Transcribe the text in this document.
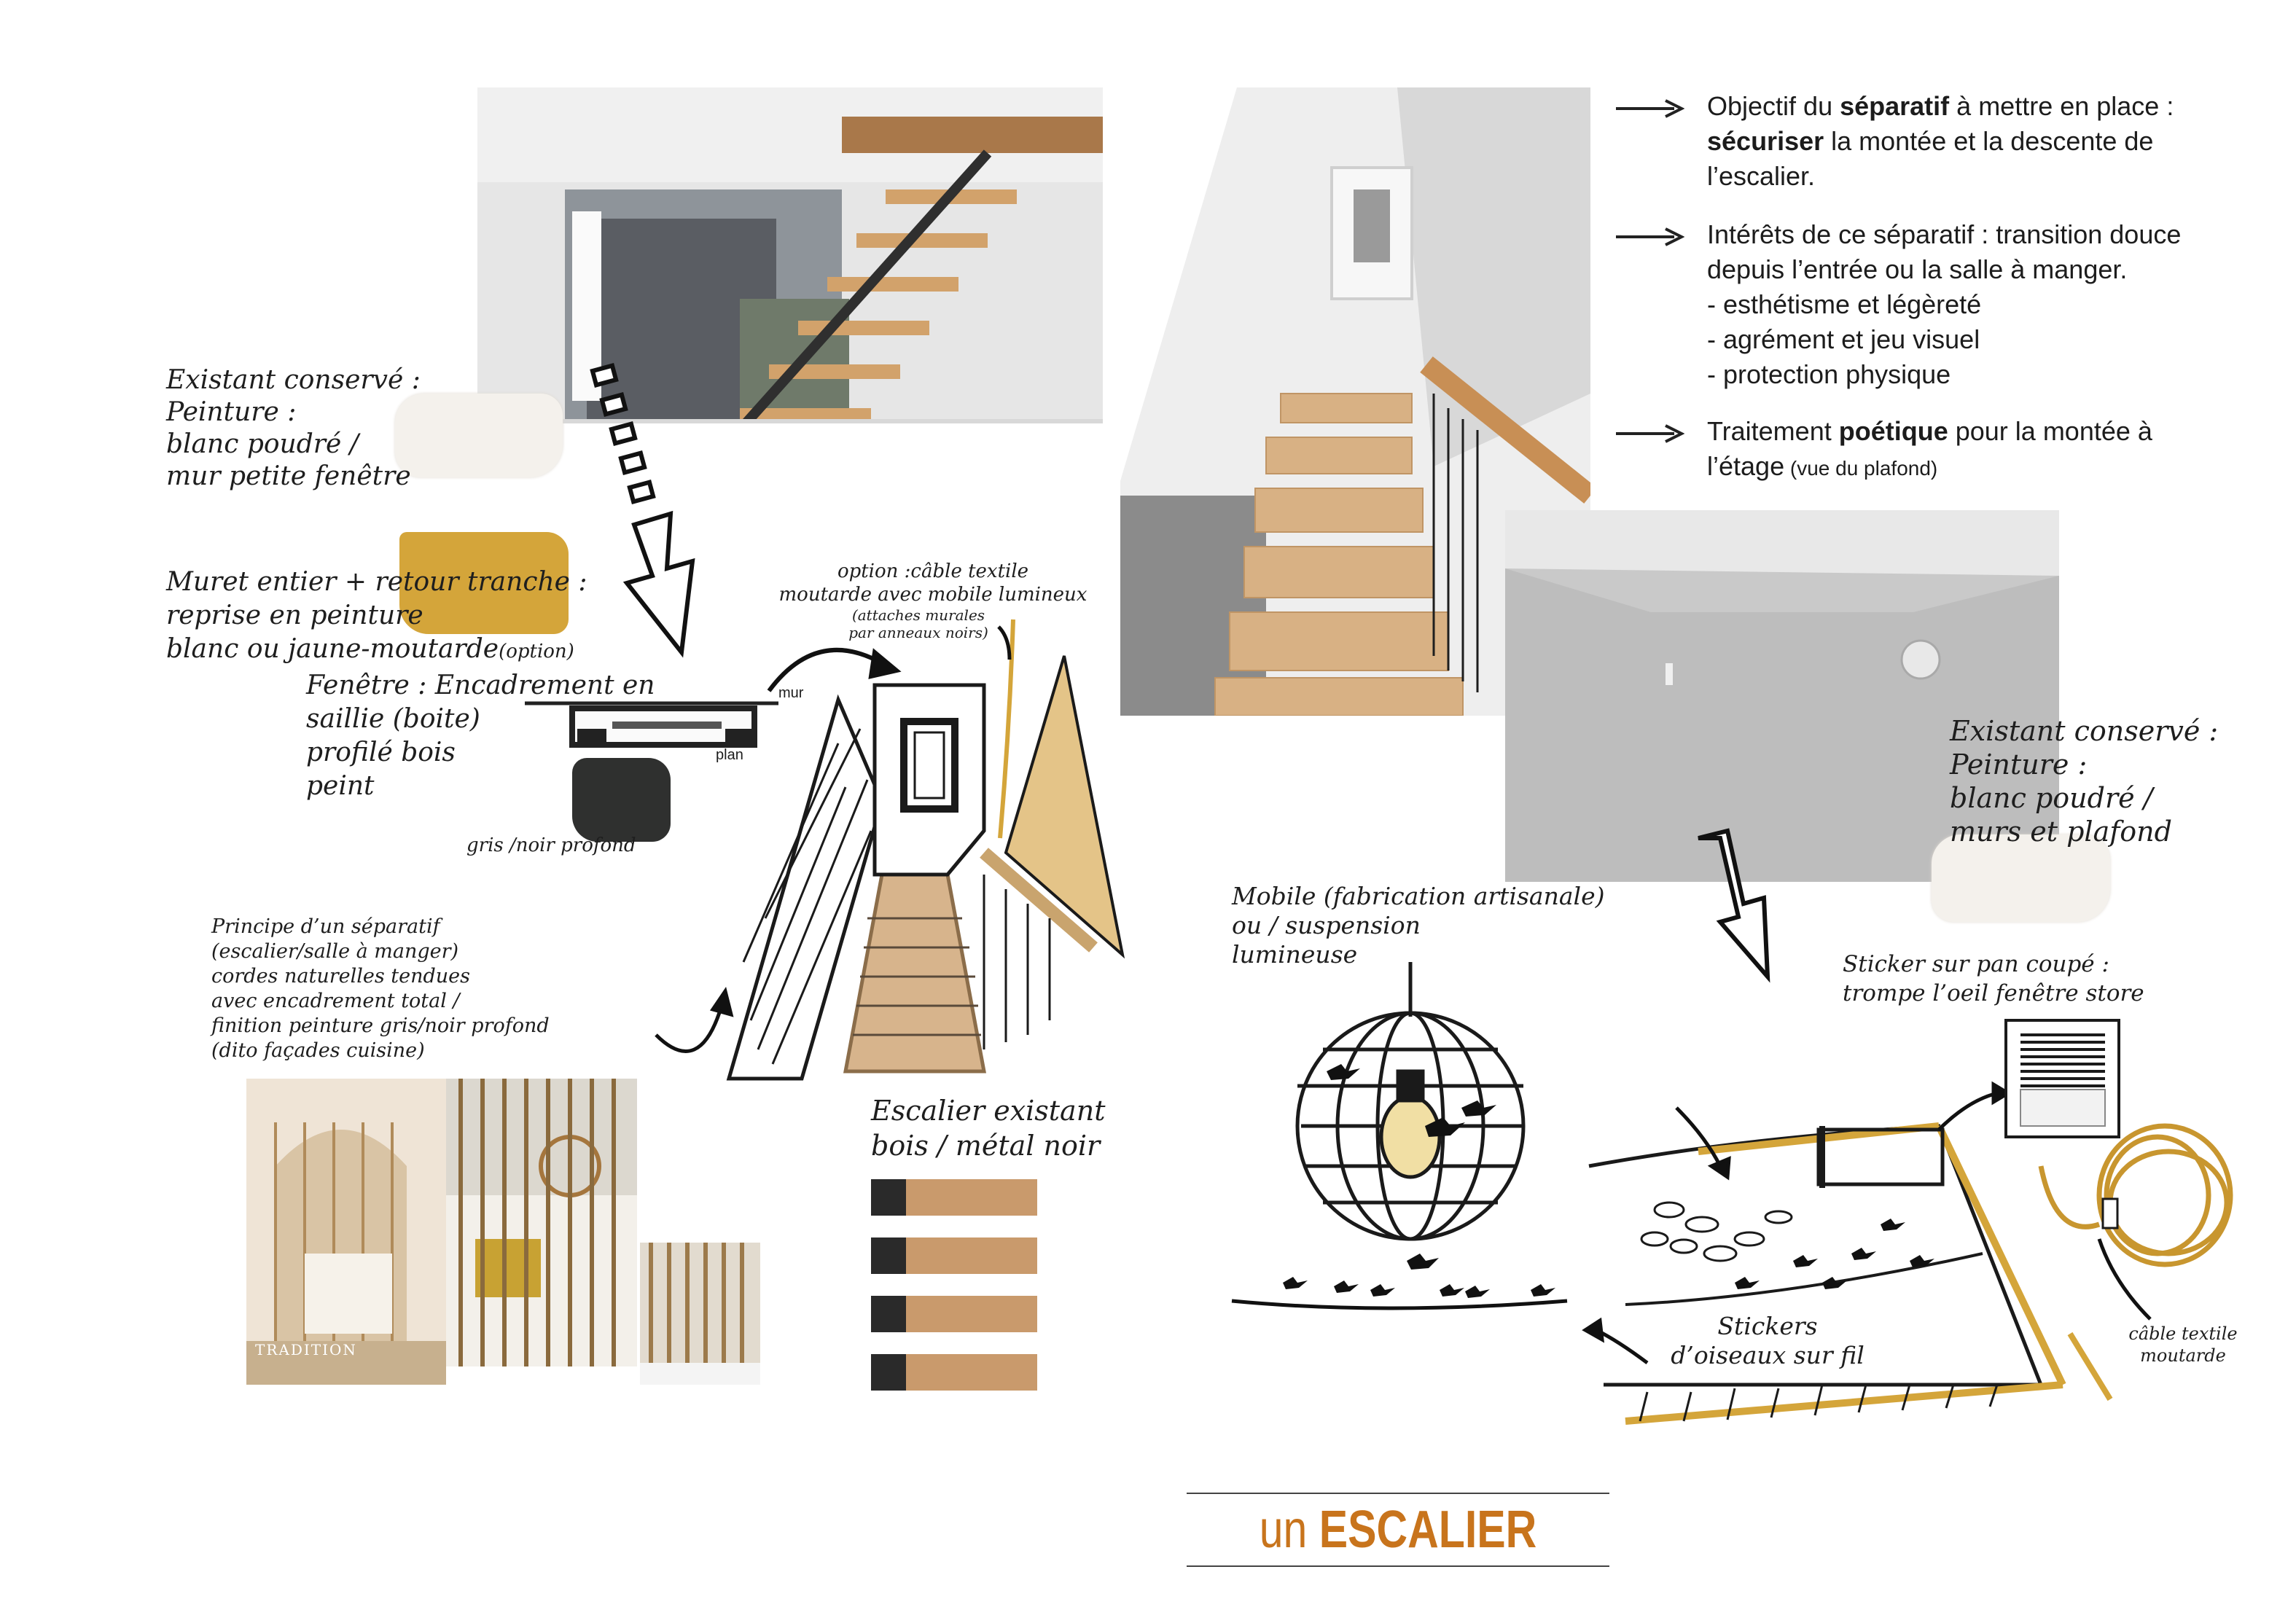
TRADITION
Objectif du séparatif à mettre en place :
sécuriser la montée et la descente de
l’escalier.
Intérêts de ce séparatif : transition douce
depuis l’entrée ou la salle à manger.
- esthétisme et légèreté
- agrément et jeu visuel
- protection physique
Traitement poétique pour la montée à
l’étage (vue du plafond)
Existant conservé :
Peinture :
blanc poudré /
mur petite fenêtre

Muret entier + retour tranche :
reprise en peinture
blanc ou jaune-moutarde(option)

option :câble textile
moutarde avec mobile lumineux
(attaches murales
par anneaux noirs)
Fenêtre : Encadrement en
saillie (boite)
profilé bois
peint
mur
plan
gris /noir profond
Principe d’un séparatif
(escalier/salle à manger)
cordes naturelles tendues
avec encadrement total /
finition peinture gris/noir profond
(dito façades cuisine)
Escalier existant
bois / métal noir
Existant conservé :
Peinture :
blanc poudré /
murs et plafond
Mobile (fabrication artisanale)
ou / suspension
lumineuse	Sticker sur pan coupé :
trompe l’oeil fenêtre store
Stickers
d’oiseaux sur fil
câble textile
moutarde
un ESCALIER
